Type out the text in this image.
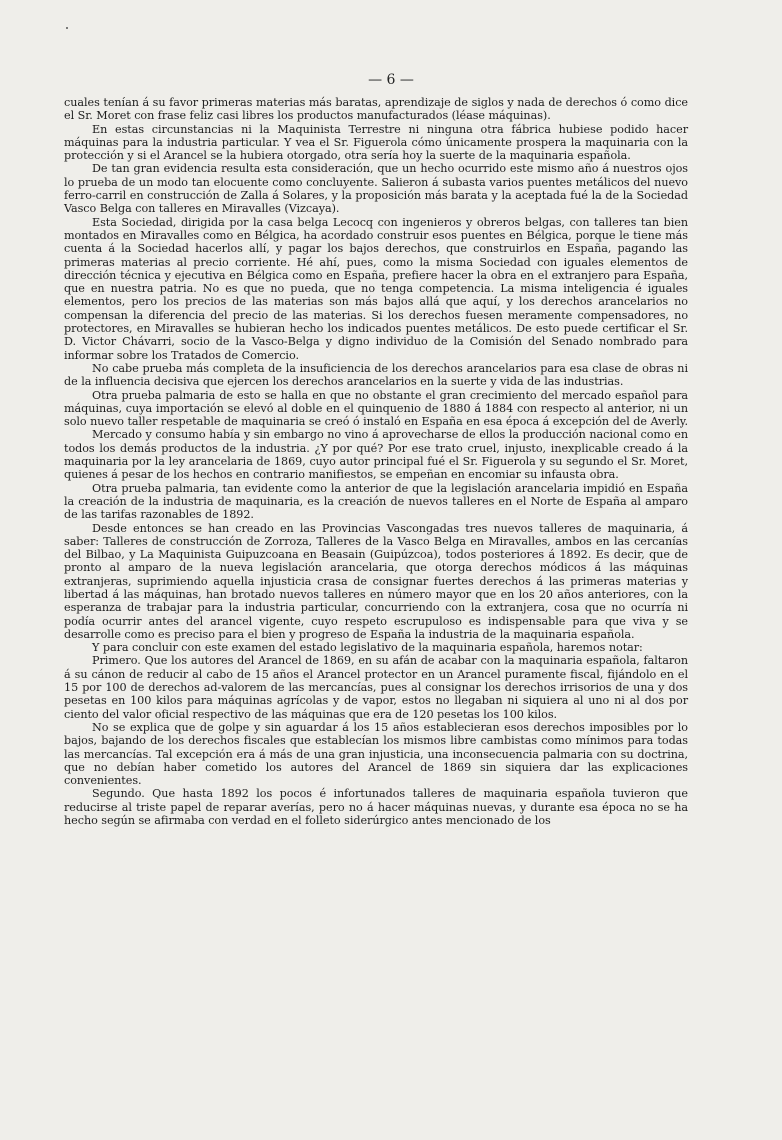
— 6 —

cuales tenían á su favor primeras materias más baratas, aprendizaje de siglos y nada de derechos ó como dice el Sr. Moret con frase feliz casi libres los productos manufacturados (léase máquinas).

En estas circunstancias ni la Maquinista Terrestre ni ninguna otra fábrica hubiese podido hacer máquinas para la industria particular. Y vea el Sr. Figuerola cómo únicamente prospera la maquinaria con la protección y si el Arancel se la hubiera otorgado, otra sería hoy la suerte de la maquinaria española.

De tan gran evidencia resulta esta consideración, que un hecho ocurrido este mismo año á nuestros ojos lo prueba de un modo tan elocuente como concluyente. Salieron á subasta varios puentes metálicos del nuevo ferro-carril en construcción de Zalla á Solares, y la proposición más barata y la aceptada fué la de la Sociedad Vasco Belga con talleres en Miravalles (Vizcaya).

Esta Sociedad, dirigida por la casa belga Lecocq con ingenieros y obreros belgas, con talleres tan bien montados en Miravalles como en Bélgica, ha acordado construir esos puentes en Bélgica, porque le tiene más cuenta á la Sociedad hacerlos allí, y pagar los bajos derechos, que construirlos en España, pagando las primeras materias al precio corriente. Hé ahí, pues, como la misma Sociedad con iguales elementos de dirección técnica y ejecutiva en Bélgica como en España, prefiere hacer la obra en el extranjero para España, que en nuestra patria. No es que no pueda, que no tenga competencia. La misma inteligencia é iguales elementos, pero los precios de las materias son más bajos allá que aquí, y los derechos arancelarios no compensan la diferencia del precio de las materias. Si los derechos fuesen meramente compensadores, no protectores, en Miravalles se hubieran hecho los indicados puentes metálicos. De esto puede certificar el Sr. D. Victor Chávarri, socio de la Vasco-Belga y digno individuo de la Comisión del Senado nombrado para informar sobre los Tratados de Comercio.

No cabe prueba más completa de la insuficiencia de los derechos arancelarios para esa clase de obras ni de la influencia decisiva que ejercen los derechos arancelarios en la suerte y vida de las industrias.

Otra prueba palmaria de esto se halla en que no obstante el gran crecimiento del mercado español para máquinas, cuya importación se elevó al doble en el quinquenio de 1880 á 1884 con respecto al anterior, ni un solo nuevo taller respetable de maquinaria se creó ó instaló en España en esa época á excepción del de Averly.

Mercado y consumo había y sin embargo no vino á aprovecharse de ellos la producción nacional como en todos los demás productos de la industria. ¿Y por qué? Por ese trato cruel, injusto, inexplicable creado á la maquinaria por la ley arancelaria de 1869, cuyo autor principal fué el Sr. Figuerola y su segundo el Sr. Moret, quienes á pesar de los hechos en contrario manifiestos, se empeñan en encomiar su infausta obra.

Otra prueba palmaria, tan evidente como la anterior de que la legislación arancelaria impidió en España la creación de la industria de maquinaria, es la creación de nuevos talleres en el Norte de España al amparo de las tarifas razonables de 1892.

Desde entonces se han creado en las Provincias Vascongadas tres nuevos talleres de maquinaria, á saber: Talleres de construcción de Zorroza, Talleres de la Vasco Belga en Miravalles, ambos en las cercanías del Bilbao, y La Maquinista Guipuzcoana en Beasain (Guipúzcoa), todos posteriores á 1892. Es decir, que de pronto al amparo de la nueva legislación arancelaria, que otorga derechos módicos á las máquinas extranjeras, suprimiendo aquella injusticia crasa de consignar fuertes derechos á las primeras materias y libertad á las máquinas, han brotado nuevos talleres en número mayor que en los 20 años anteriores, con la esperanza de trabajar para la industria particular, concurriendo con la extranjera, cosa que no ocurría ni podía ocurrir antes del arancel vigente, cuyo respeto escrupuloso es indispensable para que viva y se desarrolle como es preciso para el bien y progreso de España la industria de la maquinaria española.

Y para concluir con este examen del estado legislativo de la maquinaria española, haremos notar:

Primero. Que los autores del Arancel de 1869, en su afán de acabar con la maquinaria española, faltaron á su cánon de reducir al cabo de 15 años el Arancel protector en un Arancel puramente fiscal, fijándolo en el 15 por 100 de derechos ad-valorem de las mercancías, pues al consignar los derechos irrisorios de una y dos pesetas en 100 kilos para máquinas agrícolas y de vapor, estos no llegaban ni siquiera al uno ni al dos por ciento del valor oficial respectivo de las máquinas que era de 120 pesetas los 100 kilos.

No se explica que de golpe y sin aguardar á los 15 años establecieran esos derechos imposibles por lo bajos, bajando de los derechos fiscales que establecían los mismos libre cambistas como mínimos para todas las mercancías. Tal excepción era á más de una gran injusticia, una inconsecuencia palmaria con su doctrina, que no debían haber cometido los autores del Arancel de 1869 sin siquiera dar las explicaciones convenientes.

Segundo. Que hasta 1892 los pocos é infortunados talleres de maquinaria española tuvieron que reducirse al triste papel de reparar averías, pero no á hacer máquinas nuevas, y durante esa época no se ha hecho según se afirmaba con verdad en el folleto siderúrgico antes mencionado de los
